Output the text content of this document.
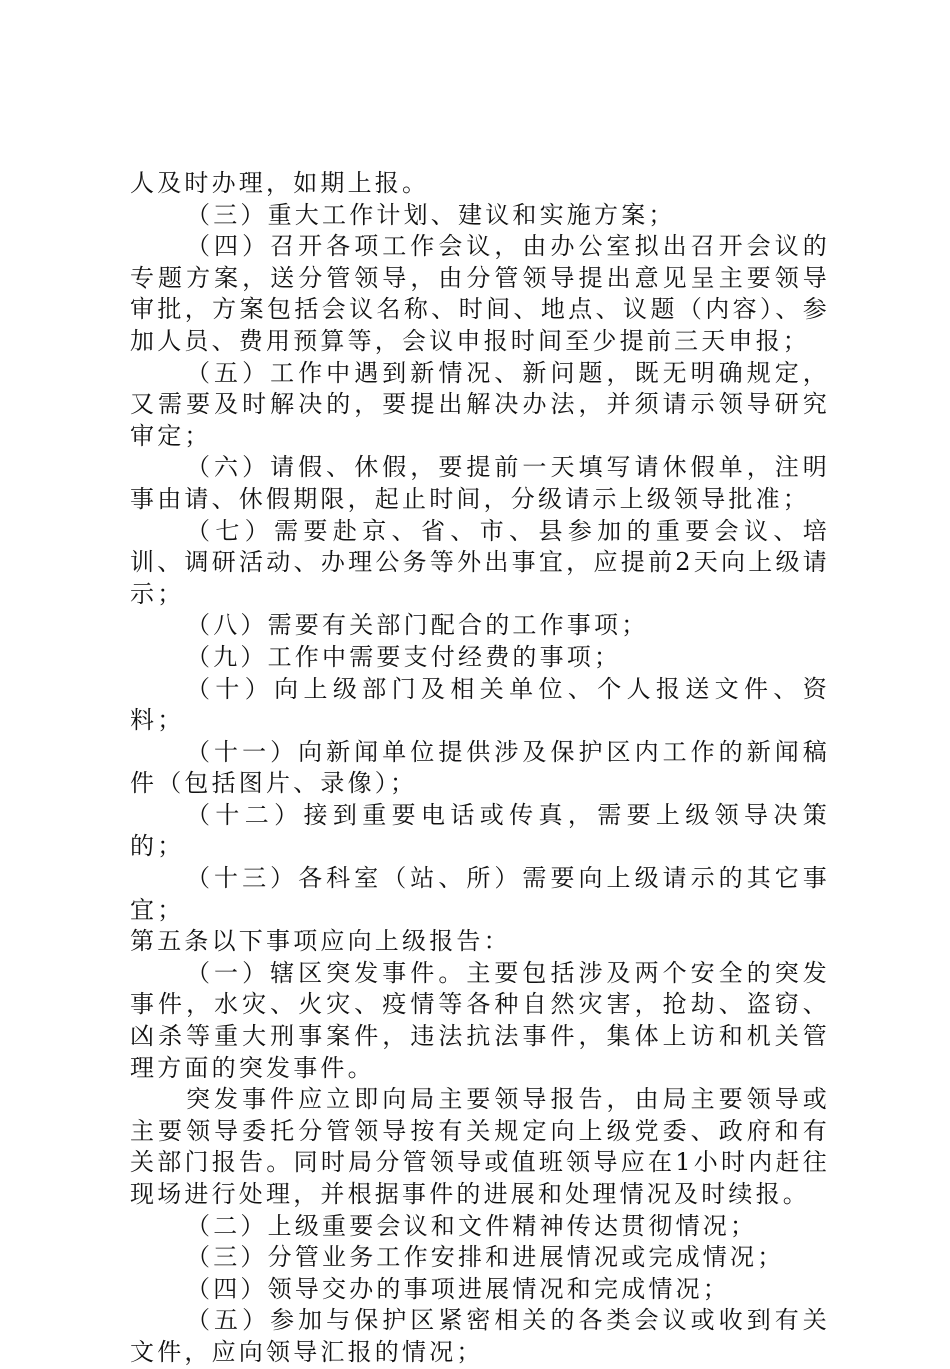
人及时办理，如期上报。

（三）重大工作计划、建议和实施方案；

（四）召开各项工作会议，由办公室拟出召开会议的专题方案，送分管领导，由分管领导提出意见呈主要领导审批，方案包括会议名称、时间、地点、议题（内容）、参加人员、费用预算等，会议申报时间至少提前三天申报；

（五）工作中遇到新情况、新问题，既无明确规定，又需要及时解决的，要提出解决办法，并须请示领导研究审定；

（六）请假、休假，要提前一天填写请休假单，注明事由请、休假期限，起止时间，分级请示上级领导批准；

（七）需要赴京、省、市、县参加的重要会议、培训、调研活动、办理公务等外出事宜，应提前2天向上级请示；

（八）需要有关部门配合的工作事项；

（九）工作中需要支付经费的事项；

（十）向上级部门及相关单位、个人报送文件、资料；

（十一）向新闻单位提供涉及保护区内工作的新闻稿件（包括图片、录像）；

（十二）接到重要电话或传真，需要上级领导决策的；

（十三）各科室（站、所）需要向上级请示的其它事宜；

第五条以下事项应向上级报告：

（一）辖区突发事件。主要包括涉及两个安全的突发事件，水灾、火灾、疫情等各种自然灾害，抢劫、盗窃、凶杀等重大刑事案件，违法抗法事件，集体上访和机关管理方面的突发事件。

突发事件应立即向局主要领导报告，由局主要领导或主要领导委托分管领导按有关规定向上级党委、政府和有关部门报告。同时局分管领导或值班领导应在1小时内赶往现场进行处理，并根据事件的进展和处理情况及时续报。

（二）上级重要会议和文件精神传达贯彻情况；

（三）分管业务工作安排和进展情况或完成情况；

（四）领导交办的事项进展情况和完成情况；

（五）参加与保护区紧密相关的各类会议或收到有关文件，应向领导汇报的情况；
